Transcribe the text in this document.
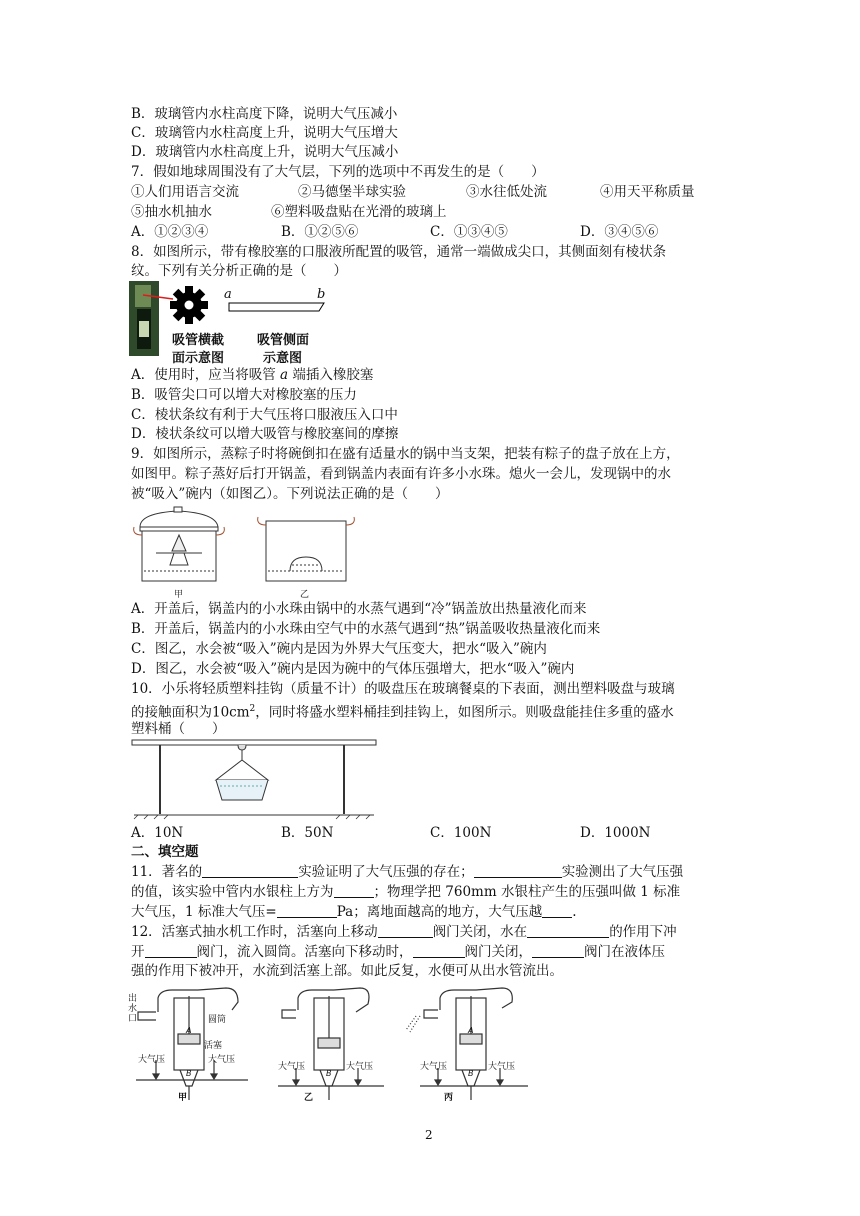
B．玻璃管内水柱高度下降，说明大气压减小
C．玻璃管内水柱高度上升，说明大气压增大
D．玻璃管内水柱高度上升，说明大气压减小
7．假如地球周围没有了大气层，下列的选项中不再发生的是（　　）
①人们用语言交流	②马德堡半球实验	③水往低处流	④用天平称质量
⑤抽水机抽水	⑥塑料吸盘贴在光滑的玻璃上
A．①②③④	B．①②⑤⑥	C．①③④⑤	D．③④⑤⑥
8．如图所示，带有橡胶塞的口服液所配置的吸管，通常一端做成尖口，其侧面刻有棱状条
纹。下列有关分析正确的是（　　）
a	b
吸管横截
面示意图
吸管侧面
示意图
A．使用时，应当将吸管 a 端插入橡胶塞
B．吸管尖口可以增大对橡胶塞的压力
C．棱状条纹有利于大气压将口服液压入口中
D．棱状条纹可以增大吸管与橡胶塞间的摩擦
9．如图所示，蒸粽子时将碗倒扣在盛有适量水的锅中当支架，把装有粽子的盘子放在上方，
如图甲。粽子蒸好后打开锅盖，看到锅盖内表面有许多小水珠。熄火一会儿，发现锅中的水
被“吸入”碗内（如图乙）。下列说法正确的是（　　）
甲	乙
A．开盖后，锅盖内的小水珠由锅中的水蒸气遇到“冷”锅盖放出热量液化而来
B．开盖后，锅盖内的小水珠由空气中的水蒸气遇到“热”锅盖吸收热量液化而来
C．图乙，水会被“吸入”碗内是因为外界大气压变大，把水“吸入”碗内
D．图乙，水会被“吸入”碗内是因为碗中的气体压强增大，把水“吸入”碗内
10．小乐将轻质塑料挂钩（质量不计）的吸盘压在玻璃餐桌的下表面，测出塑料吸盘与玻璃
的接触面积为$10cm^2$，同时将盛水塑料桶挂到挂钩上，如图所示。则吸盘能挂住多重的盛水
塑料桶（　　）
A．10N	B．50N	C．100N	D．1000N
二、填空题
11．著名的	实验证明了大气压强的存在；	实验测出了大气压强
的值，该实验中管内水银柱上方为	；物理学把 760mm 水银柱产生的压强叫做 1 标准
大气压，1 标准大气压=	Pa；离地面越高的地方，大气压越 .
12．活塞式抽水机工作时，活塞向上移动	阀门关闭，水在	的作用下冲
开	阀门，流入圆筒。活塞向下移动时，	阀门关闭，	阀门在液体压
强的作用下被冲开，水流到活塞上部。如此反复，水便可从出水管流出。
出水口	圆筒
活塞
A
B
大气压	大气压
甲
B
大气压	大气压
乙
A
B
大气压	大气压
丙
2
